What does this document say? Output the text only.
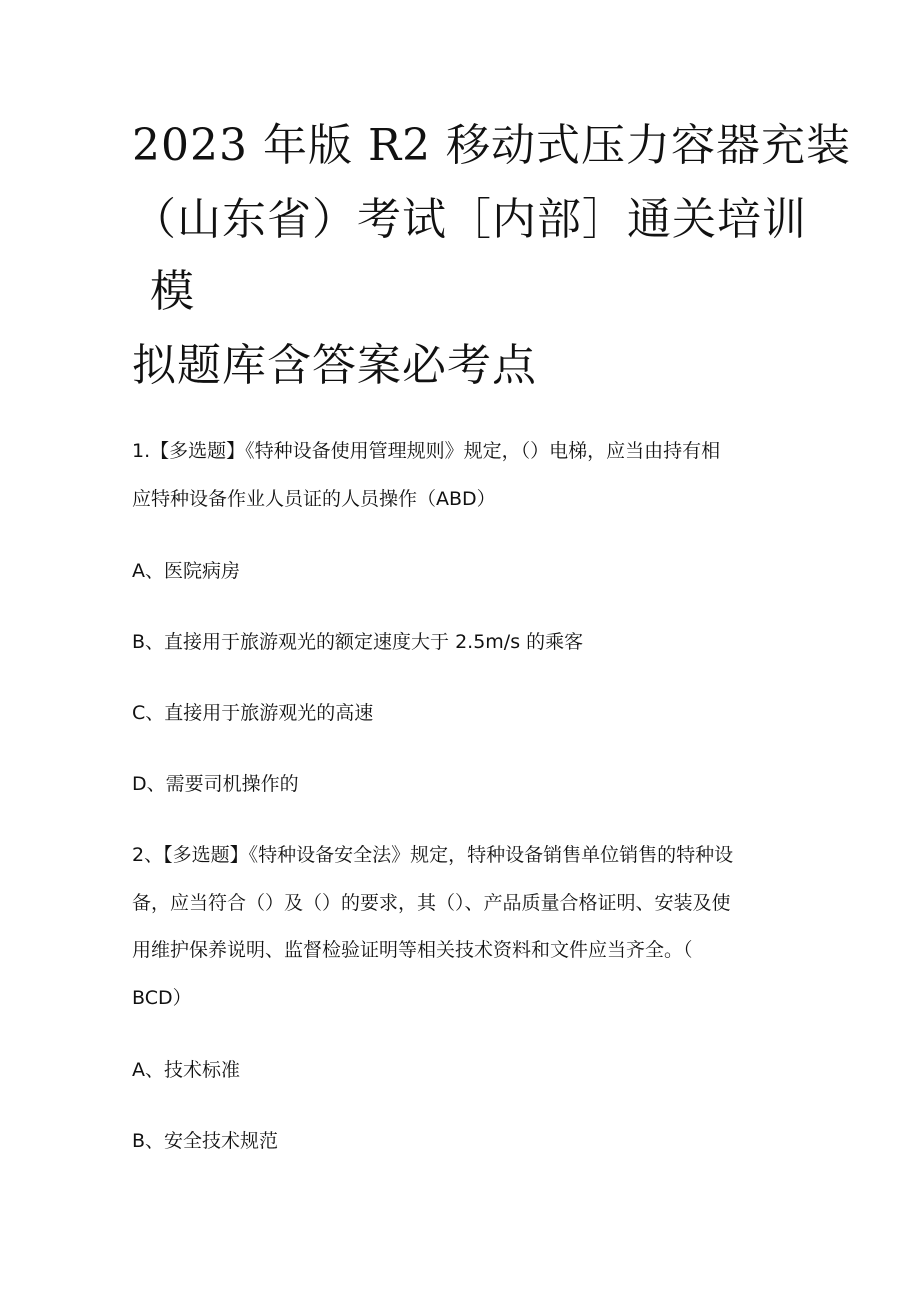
2023 年版 R2 移动式压力容器充装
（山东省）考试［内部］通关培训
模
拟题库含答案必考点
1.【多选题】《特种设备使用管理规则》规定，（）电梯，应当由持有相
应特种设备作业人员证的人员操作（ABD）
A、医院病房
B、直接用于旅游观光的额定速度大于 2.5m/s 的乘客
C、直接用于旅游观光的高速
D、需要司机操作的
2、【多选题】《特种设备安全法》规定，特种设备销售单位销售的特种设
备，应当符合（）及（）的要求，其（）、产品质量合格证明、安装及使
用维护保养说明、监督检验证明等相关技术资料和文件应当齐全。（
BCD）
A、技术标准
B、安全技术规范
